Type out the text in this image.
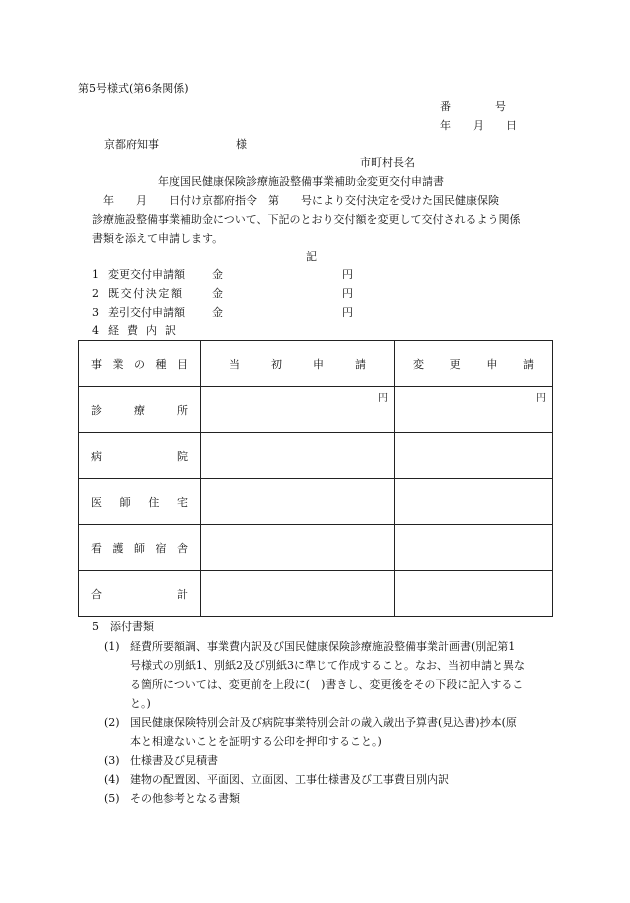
第5号様式(第6条関係)
番　　　　号
年　　月　　日
京都府知事　　　　　　　様
市町村長名
年度国民健康保険診療施設整備事業補助金変更交付申請書
　年　　月　　日付け京都府指令　第　　号により交付決定を受けた国民健康保険
診療施設整備事業補助金について、下記のとおり交付額を変更して交付されるよう関係
書類を添えて申請します。
記
1 変更交付申請額 金	円
2 既交付決定額	金	円
3 差引交付申請額 金	円
4 経費内訳
事 業 の 種 目	当 初 申 請	変 更 申 請

診 療 所	円	円

病 院		

医 師 住 宅		

看 護 師 宿 舎		

合 計		

5　添付書類
(1) 経費所要額調、事業費内訳及び国民健康保険診療施設整備事業計画書(別記第1
号様式の別紙1、別紙2及び別紙3に準じて作成すること。なお、当初申請と異な
る箇所については、変更前を上段に(　)書きし、変更後をその下段に記入するこ
と。)
(2) 国民健康保険特別会計及び病院事業特別会計の歳入歳出予算書(見込書)抄本(原
本と相違ないことを証明する公印を押印すること。)
(3) 仕様書及び見積書
(4) 建物の配置図、平面図、立面図、工事仕様書及び工事費目別内訳
(5) その他参考となる書類
